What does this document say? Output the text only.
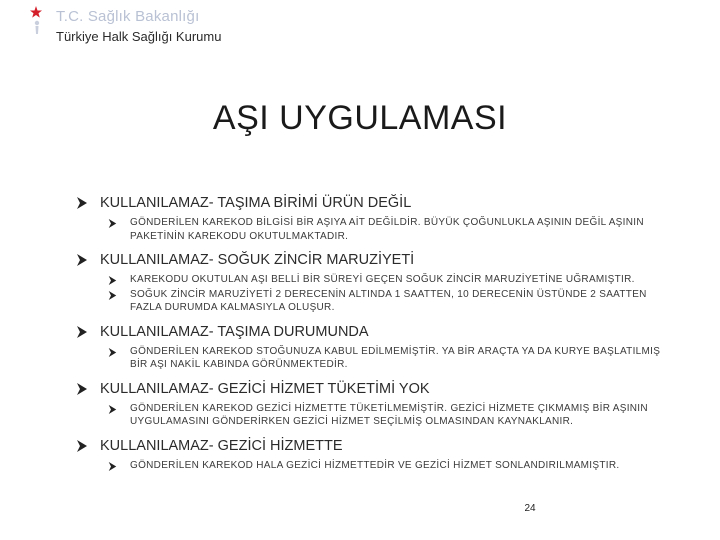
T.C. Sağlık Bakanlığı
Türkiye Halk Sağlığı Kurumu
AŞI UYGULAMASI
KULLANILAMAZ- TAŞIMA BİRİMİ ÜRÜN DEĞİL
GÖNDERİLEN KAREKOD BİLGİSİ BİR AŞIYA AİT DEĞİLDİR. BÜYÜK ÇOĞUNLUKLA AŞININ DEĞİL AŞININ PAKETİNİN KAREKODU OKUTULMAKTADIR.
KULLANILAMAZ- SOĞUK ZİNCİR MARUZİYETİ
KAREKODU OKUTULAN AŞI BELLİ BİR SÜREYİ GEÇEN SOĞUK ZİNCİR MARUZİYETİNE UĞRAMIŞTIR.
SOĞUK ZİNCİR MARUZİYETİ 2 DERECENİN ALTINDA 1 SAATTEN, 10 DERECENİN ÜSTÜNDE 2 SAATTEN FAZLA DURUMDA KALMASIYLA OLUŞUR.
KULLANILAMAZ- TAŞIMA DURUMUNDA
GÖNDERİLEN KAREKOD STOĞUNUZA KABUL EDİLMEMİŞTİR. YA BİR ARAÇTA YA DA KURYE BAŞLATILMIŞ BİR AŞI NAKİL KABINDA GÖRÜNMEKTEDİR.
KULLANILAMAZ- GEZİCİ HİZMET TÜKETİMİ YOK
GÖNDERİLEN KAREKOD GEZİCİ HİZMETTE TÜKETİLMEMİŞTİR. GEZİCİ HİZMETE ÇIKMAMIŞ BİR AŞININ UYGULAMASINI GÖNDERİRKEN GEZİCİ HİZMET SEÇİLMİŞ OLMASINDAN KAYNAKLANIR.
KULLANILAMAZ- GEZİCİ HİZMETTE
GÖNDERİLEN KAREKOD HALA GEZİCİ HİZMETTEDİR VE GEZİCİ HİZMET SONLANDIRILMAMIŞTIR.
24
